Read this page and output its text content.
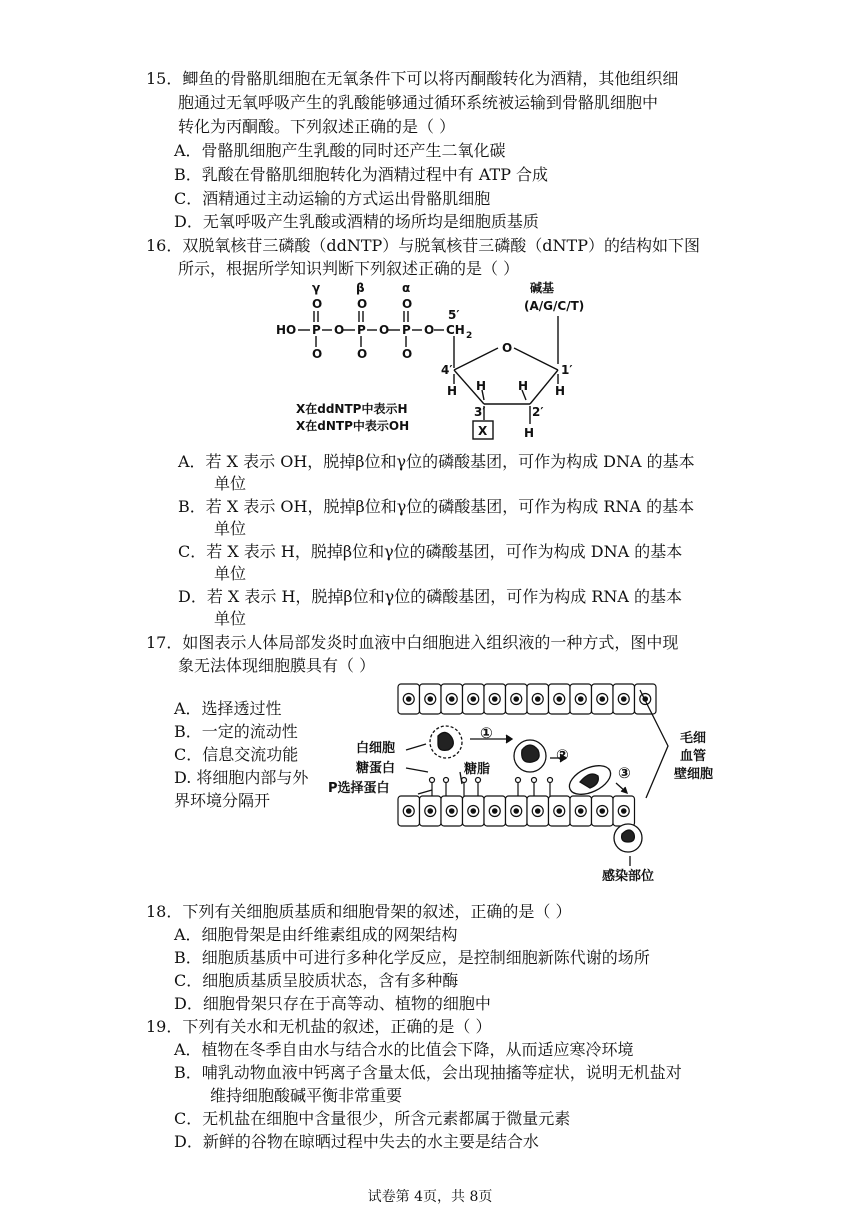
15．鲫鱼的骨骼肌细胞在无氧条件下可以将丙酮酸转化为酒精，其他组织细
胞通过无氧呼吸产生的乳酸能够通过循环系统被运输到骨骼肌细胞中
转化为丙酮酸。下列叙述正确的是（ ）
A．骨骼肌细胞产生乳酸的同时还产生二氧化碳
B．乳酸在骨骼肌细胞转化为酒精过程中有 ATP 合成
C．酒精通过主动运输的方式运出骨骼肌细胞
D．无氧呼吸产生乳酸或酒精的场所均是细胞质基质
16．双脱氧核苷三磷酸（ddNTP）与脱氧核苷三磷酸（dNTP）的结构如下图
所示，根据所学知识判断下列叙述正确的是（ ）
γ	β	α
O	O	O
HO P O P O P O CH 2
5′
O	O	O	O
4′	1′
H H	H H
3′	2′
H
X
碱基
(A/G/C/T)
X在ddNTP中表示H
X在dNTP中表示OH
A．若 X 表示 OH，脱掉β位和γ位的磷酸基团，可作为构成 DNA 的基本
单位
B．若 X 表示 OH，脱掉β位和γ位的磷酸基团，可作为构成 RNA 的基本
单位
C．若 X 表示 H，脱掉β位和γ位的磷酸基团，可作为构成 DNA 的基本
单位
D．若 X 表示 H，脱掉β位和γ位的磷酸基团，可作为构成 RNA 的基本
单位
17．如图表示人体局部发炎时血液中白细胞进入组织液的一种方式，图中现
象无法体现细胞膜具有（ ）
A．选择透过性
B．一定的流动性
C．信息交流功能
D. 将细胞内部与外
界环境分隔开
白细胞
糖蛋白	糖脂
P选择蛋白
毛细
血管
壁细胞
感染部位
①
②
③
18．下列有关细胞质基质和细胞骨架的叙述，正确的是（ ）
A．细胞骨架是由纤维素组成的网架结构
B．细胞质基质中可进行多种化学反应，是控制细胞新陈代谢的场所
C．细胞质基质呈胶质状态，含有多种酶
D．细胞骨架只存在于高等动、植物的细胞中
19．下列有关水和无机盐的叙述，正确的是（ ）
A．植物在冬季自由水与结合水的比值会下降，从而适应寒冷环境
B．哺乳动物血液中钙离子含量太低，会出现抽搐等症状，说明无机盐对
维持细胞酸碱平衡非常重要
C．无机盐在细胞中含量很少，所含元素都属于微量元素
D．新鲜的谷物在晾晒过程中失去的水主要是结合水
试卷第 4页，共 8页
